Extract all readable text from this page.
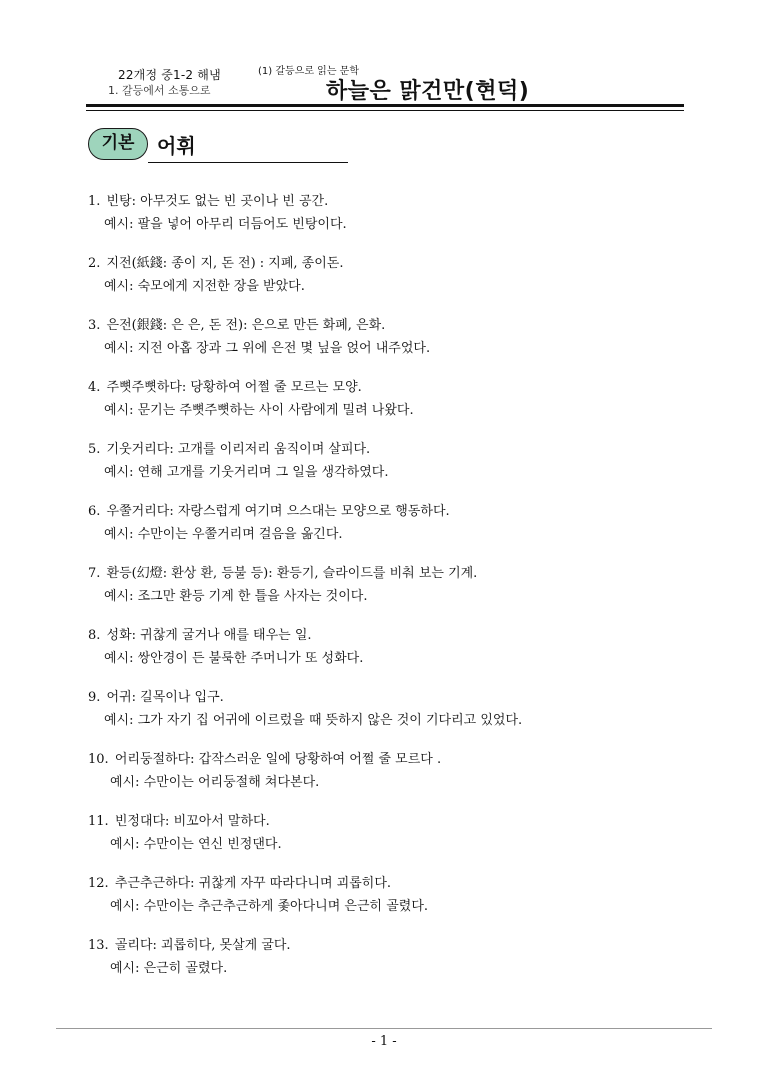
22개정 중1-2 해냄
1. 갈등에서 소통으로
(1) 갈등으로 읽는 문학
하늘은 맑건만(현덕)
기본	어휘
1. 빈탕: 아무것도 없는 빈 곳이나 빈 공간.
예시: 팔을 넣어 아무리 더듬어도 빈탕이다.
2. 지전(紙錢: 종이 지, 돈 전) : 지폐, 종이돈.
예시: 숙모에게 지전한 장을 받았다.
3. 은전(銀錢: 은 은, 돈 전): 은으로 만든 화폐, 은화.
예시: 지전 아홉 장과 그 위에 은전 몇 닢을 얹어 내주었다.
4. 주뼛주뼛하다: 당황하여 어쩔 줄 모르는 모양.
예시: 문기는 주뼛주뼛하는 사이 사람에게 밀려 나왔다.
5. 기웃거리다: 고개를 이리저리 움직이며 살피다.
예시: 연해 고개를 기웃거리며 그 일을 생각하였다.
6. 우쭐거리다: 자랑스럽게 여기며 으스대는 모양으로 행동하다.
예시: 수만이는 우쭐거리며 걸음을 옮긴다.
7. 환등(幻燈: 환상 환, 등불 등): 환등기, 슬라이드를 비춰 보는 기계.
예시: 조그만 환등 기계 한 틀을 사자는 것이다.
8. 성화: 귀찮게 굴거나 애를 태우는 일.
예시: 쌍안경이 든 불룩한 주머니가 또 성화다.
9. 어귀: 길목이나 입구.
예시: 그가 자기 집 어귀에 이르렀을 때 뜻하지 않은 것이 기다리고 있었다.
10. 어리둥절하다: 갑작스러운 일에 당황하여 어쩔 줄 모르다 .
예시: 수만이는 어리둥절해 쳐다본다.
11. 빈정대다: 비꼬아서 말하다.
예시: 수만이는 연신 빈정댄다.
12. 추근추근하다: 귀찮게 자꾸 따라다니며 괴롭히다.
예시: 수만이는 추근추근하게 좇아다니며 은근히 골렸다.
13. 골리다: 괴롭히다, 못살게 굴다.
예시: 은근히 골렸다.
- 1 -
